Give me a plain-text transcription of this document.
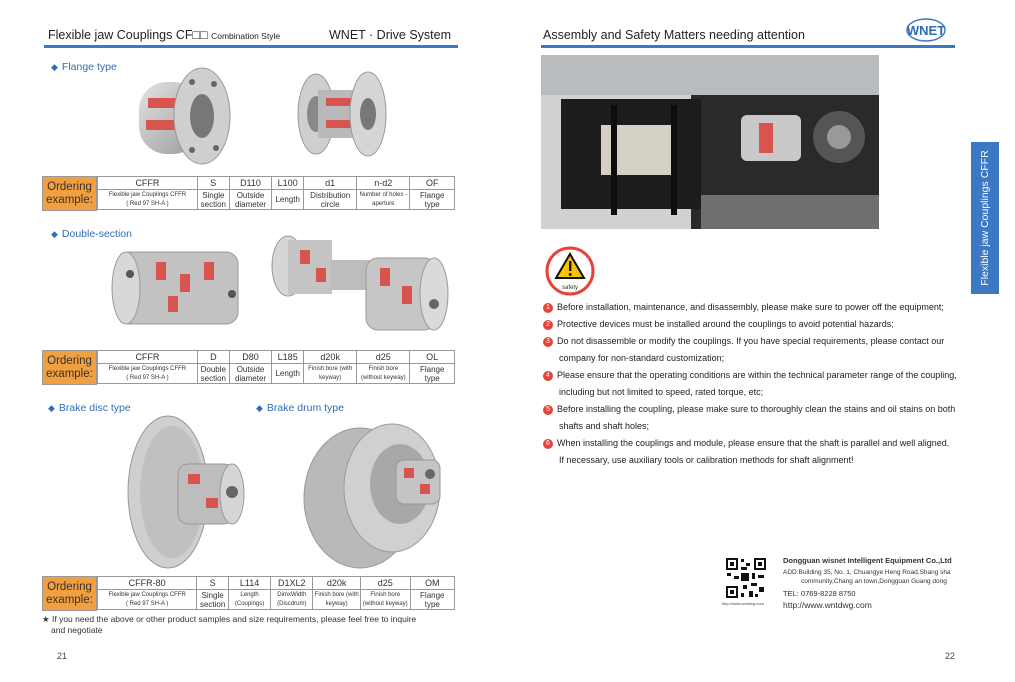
Flexible jaw Couplings CF□□ Combination Style	WNET · Drive System
◆ Flange type
Ordering
example:
CFFR	S	D110	L100	d1	n-d2	OF

Flexible jaw Couplings CFFR
( Red 97 SH-A )	Single section	Outside diameter	Length	Distribution circle	Number of holes - aperture	Flange type
◆ Double-section
Ordering
example:
CFFR	D	D80	L185	d20k	d25	OL

Flexible jaw Couplings CFFR
( Red 97 SH-A )	Double section	Outside diameter	Length	Finish bore (with keyway)	Finish bore (without keyway)	Flange type
◆ Brake disc type	◆ Brake drum type
Ordering
example:
CFFR-80	S	L114	D1XL2	d20k	d25	OM

Flexible jaw Couplings CFFR
( Red 97 SH-A )	Single section	Length (Coupings)	DimxWidth (Discdrum)	Finish bore (with keyway)	Finish bore (without keyway)	Flange type
★ If you need the above or other product samples and size requirements, please feel free to inquire
and negotiate
21
Assembly and Safety Matters needing attention	WNET
safety
1 Before installation, maintenance, and disassembly, please make sure to power off the equipment;
2 Protective devices must be installed around the couplings to avoid potential hazards;
3 Do not disassemble or modify the couplings. If you have special requirements, please contact our
company for non-standard customization;
4 Please ensure that the operating conditions are within the technical parameter range of the coupling,
including but not limited to speed, rated torque, etc;
5 Before installing the coupling, please make sure to thoroughly clean the stains and oil stains on both
shafts and shaft holes;
6 When installing the couplings and module, please ensure that the shaft is parallel and well aligned.
If necessary, use auxiliary tools or calibration methods for shaft alignment!
http://www.wntdwg.com
Dongguan wisnet Intelligent Equipment Co.,Ltd
ADD:Building 35, No. 1, Chuangye Heng Road,Shang sha
community,Chang an town,Dongguan Guang dong
TEL: 0769-8228 8750
http://www.wntdwg.com
Flexible jaw Couplings CFFR
22
